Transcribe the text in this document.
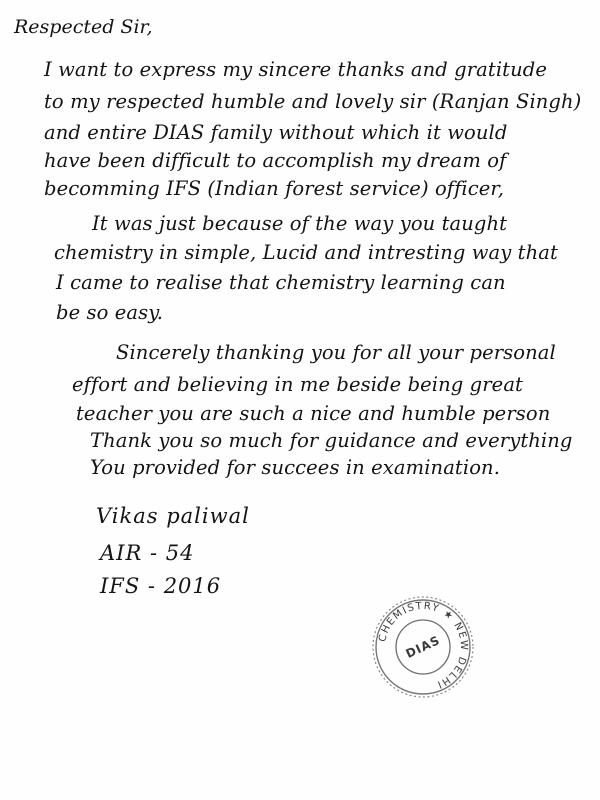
Respected Sir,
I want to express my sincere thanks and gratitude
to my respected humble and lovely sir (Ranjan Singh)
and entire DIAS family without which it would
have been difficult to accomplish my dream of
becomming IFS (Indian forest service) officer,
It was just because of the way you taught
chemistry in simple, Lucid and intresting way that
I came to realise that chemistry learning can
be so easy.
Sincerely thanking you for all your personal
effort and believing in me beside being great
teacher you are such a nice and humble person
Thank you so much for guidance and everything
You provided for succees in examination.
Vikas paliwal
AIR - 54
IFS - 2016
CHEMISTRY ★ NEW DELHI
DIAS
